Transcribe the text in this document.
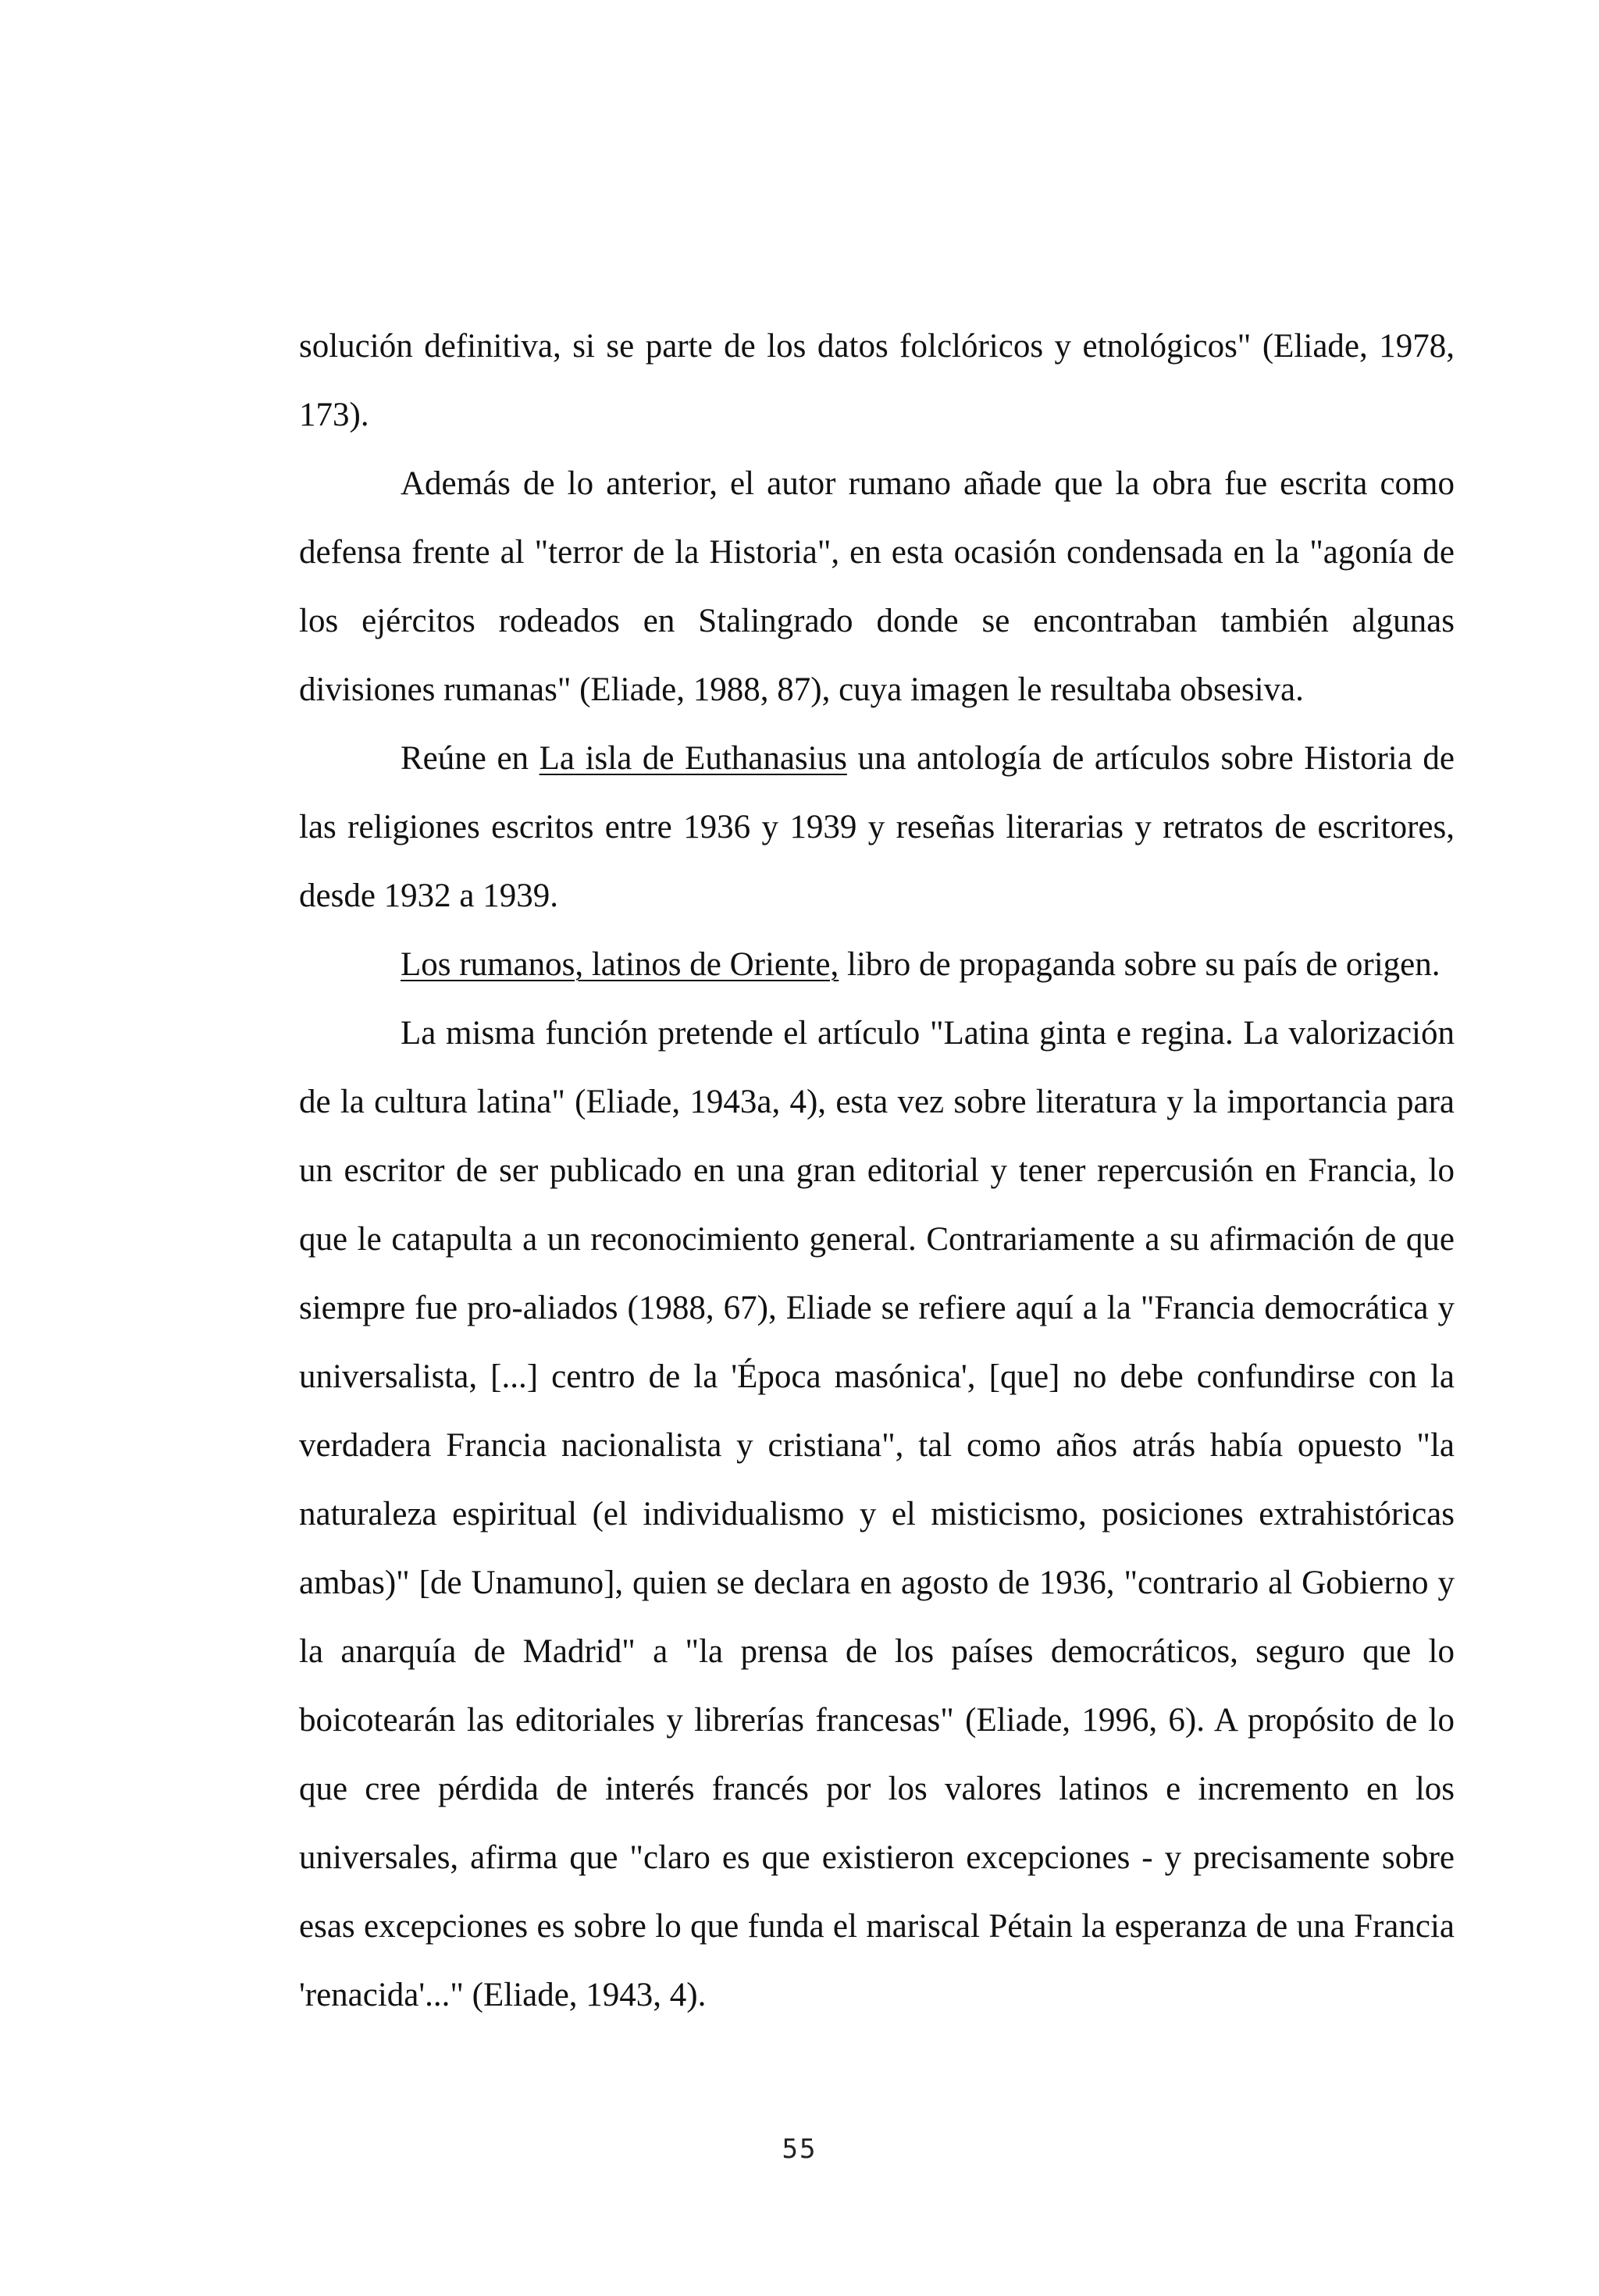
solución definitiva, si se parte de los datos folclóricos y etnológicos" (Eliade, 1978, 173).

Además de lo anterior, el autor rumano añade que la obra fue escrita como defensa frente al "terror de la Historia", en esta ocasión condensada en la "agonía de los ejércitos rodeados en Stalingrado donde se encontraban también algunas divisiones rumanas" (Eliade, 1988, 87), cuya imagen le resultaba obsesiva.

Reúne en La isla de Euthanasius una antología de artículos sobre Historia de las religiones escritos entre 1936 y 1939 y reseñas literarias y retratos de escritores, desde 1932 a 1939.

Los rumanos, latinos de Oriente, libro de propaganda sobre su país de origen.

La misma función pretende el artículo "Latina ginta e regina. La valorización de la cultura latina" (Eliade, 1943a, 4), esta vez sobre literatura y la importancia para un escritor de ser publicado en una gran editorial y tener repercusión en Francia, lo que le catapulta a un reconocimiento general. Contrariamente a su afirmación de que siempre fue pro-aliados (1988, 67), Eliade se refiere aquí a la "Francia democrática y universalista, [...] centro de la 'Época masónica', [que] no debe confundirse con la verdadera Francia nacionalista y cristiana", tal como años atrás había opuesto "la naturaleza espiritual (el individualismo y el misticismo, posiciones extrahistóricas ambas)" [de Unamuno], quien se declara en agosto de 1936, "contrario al Gobierno y la anarquía de Madrid" a "la prensa de los países democráticos, seguro que lo boicotearán las editoriales y librerías francesas" (Eliade, 1996, 6). A propósito de lo que cree pérdida de interés francés por los valores latinos e incremento en los universales, afirma que "claro es que existieron excepciones - y precisamente sobre esas excepciones es sobre lo que funda el mariscal Pétain la esperanza de una Francia 'renacida'..." (Eliade, 1943, 4).

55
